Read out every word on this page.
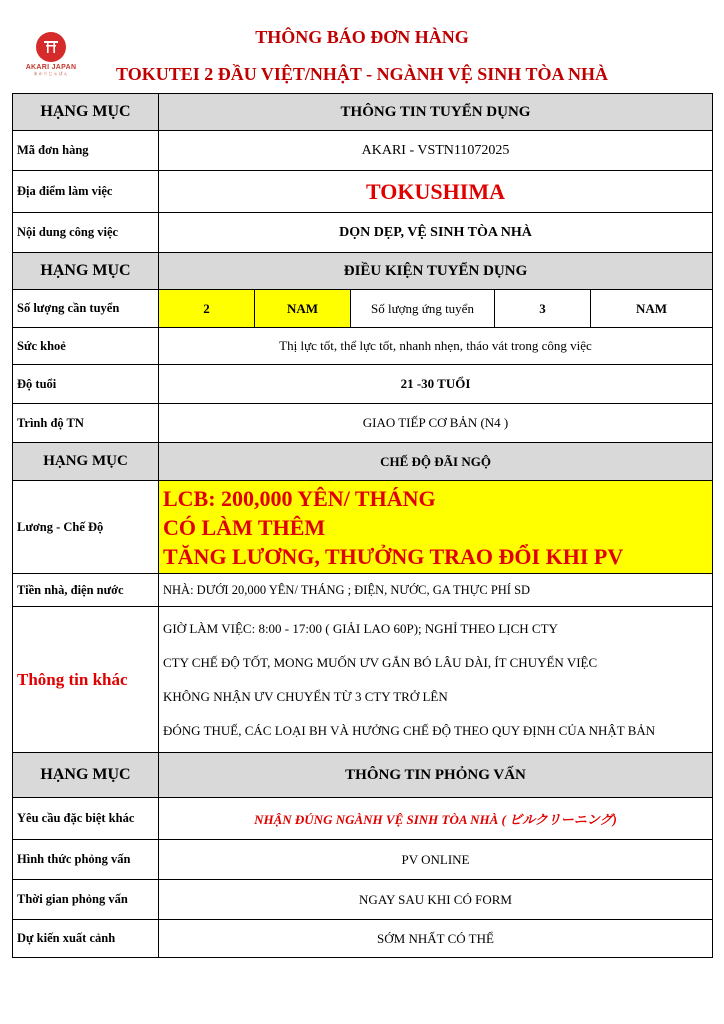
AKARI JAPAN
あかりじゃぱん
THÔNG BÁO ĐƠN HÀNG
TOKUTEI 2 ĐẦU VIỆT/NHẬT - NGÀNH VỆ SINH TÒA NHÀ
HẠNG MỤC	THÔNG TIN TUYỂN DỤNG				
Mã đơn hàng	AKARI - VSTN11072025				
Địa điểm làm việc	TOKUSHIMA				
Nội dung công việc	DỌN DẸP, VỆ SINH TÒA NHÀ				
HẠNG MỤC	ĐIỀU KIỆN TUYỂN DỤNG				
Số lượng cần tuyển	2	NAM	Số lượng ứng tuyển	3	NAM
Sức khoẻ	Thị lực tốt, thể lực tốt, nhanh nhẹn, tháo vát trong công việc				
Độ tuổi	21 -30 TUỔI				
Trình độ TN	GIAO TIẾP CƠ BẢN (N4 )				
HẠNG MỤC	CHẾ ĐỘ ĐÃI NGỘ				
Lương - Chế Độ	LCB: 200,000 YÊN/ THÁNG
CÓ LÀM THÊM
TĂNG LƯƠNG, THƯỞNG TRAO ĐỔI KHI PV				

Tiền nhà, điện nước	NHÀ: DƯỚI 20,000 YÊN/ THÁNG ; ĐIỆN, NƯỚC, GA THỰC PHÍ SD				
Thông tin khác	GIỜ LÀM VIỆC: 8:00 - 17:00 ( GIẢI LAO 60P); NGHỈ THEO LỊCH CTY
CTY CHẾ ĐỘ TỐT, MONG MUỐN ƯV GẮN BÓ LÂU DÀI, ÍT CHUYỂN VIỆC
KHÔNG NHẬN ƯV CHUYỂN TỪ 3 CTY TRỞ LÊN
ĐÓNG THUẾ, CÁC LOẠI BH VÀ HƯỞNG CHẾ ĐỘ THEO QUY ĐỊNH CỦA NHẬT BẢN				

HẠNG MỤC	THÔNG TIN PHỎNG VẤN				
Yêu cầu đặc biệt khác	NHẬN ĐÚNG NGÀNH VỆ SINH TÒA NHÀ ( ビルクリーニング)				
Hình thức phỏng vấn	PV ONLINE				
Thời gian phỏng vấn	NGAY SAU KHI CÓ FORM				
Dự kiến xuất cảnh	SỚM NHẤT CÓ THỂ				
